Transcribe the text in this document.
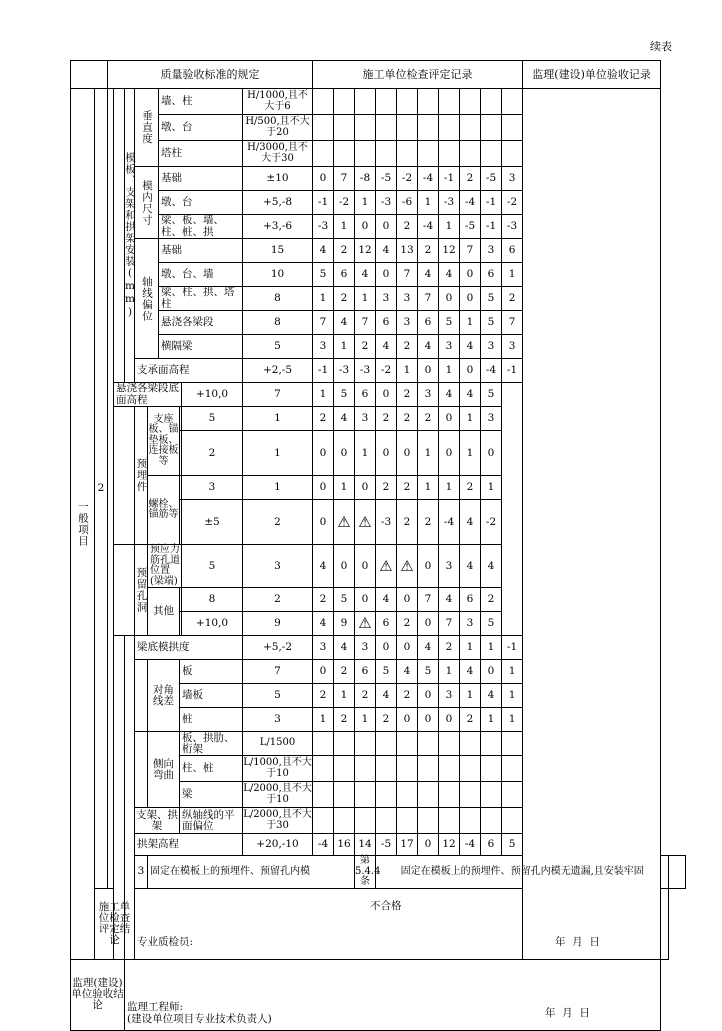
续表
		质量验收标准的规定									施工单位检查评定记录										监理(建设)单位验收记录	
一般项目	2			模板、支架和拱架安装(mm)	垂直度		墙、柱			H/1000,且不大于6												
							墩、台			H/500,且不大于20												
							塔柱			H/3000,且不大于30												
					模内尺寸		基础			±10	0	7	-8	-5	-2	-4	-1	2	-5	3		
							墩、台			+5,-8	-1	-2	1	-3	-6	1	-3	-4	-1	-2		
							梁、板、墙、柱、桩、拱			+3,-6	-3	1	0	0	2	-4	1	-5	-1	-3		
					轴线偏位		基础			15	4	2	12	4	13	2	12	7	3	6		
							墩、台、墙			10	5	6	4	0	7	4	4	0	6	1		
							梁、柱、拱、塔柱			8	1	2	1	3	3	7	0	0	5	2		
							悬浇各梁段			8	7	4	7	6	3	6	5	1	5	7		
							横隔梁			5	3	1	2	4	2	4	3	4	3	3		
					支承面高程					+2,-5	-1	-3	-3	-2	1	0	1	0	-4	-1		
			悬浇各梁段底面高程						+10,0	7	1	5	6	0	2	3	4	4	5			
					预埋件	支座板、锚垫板、连接板等			5	1	2	4	3	2	2	2	0	1	3			
	2	1	0	0	1	0	0	1	0	1	0			
						螺栓、锚筋等			3	1	0	1	0	2	2	1	1	2	1			
	±5	2	0	⚠	⚠	-3	2	2	-4	4	-2			
					预留孔洞	预应力筋孔道位置(梁端)			5	3	4	0	0	⚠	⚠	0	3	4	4			
						其他			8	2	2	5	0	4	0	7	4	6	2			
	+10,0	9	4	9	⚠	6	2	0	7	3	5			
					梁底模拱度					+5,-2	3	4	3	0	0	4	2	1	1	-1		
						对角线差		板		7	0	2	6	5	4	5	1	4	0	1		
								墙板		5	2	1	2	4	2	0	3	1	4	1		
								桩		3	1	2	1	2	0	0	0	2	1	1		
						侧向弯曲		板、拱肋、桁架		L/1500												
								柱、桩		L/1000,且不大于10												
								梁		L/2000,且不大于10												
					支架、拱架			纵轴线的平面偏位		L/2000,且不大于30												
					拱架高程					+20,-10	-4	16	14	-5	17	0	12	-4	6	5		
					3	固定在模板上的预埋件、预留孔内模							第5.4.4条	固定在模板上的预埋件、预留孔内模无遗漏,且安装牢固								
	施工单位检查评定结论				不合格
专业质检员: 年  月  日																	

监理(建设)单位验收结论				监理工程师:
(建设单位项目专业技术负责人) 年  月  日																		
